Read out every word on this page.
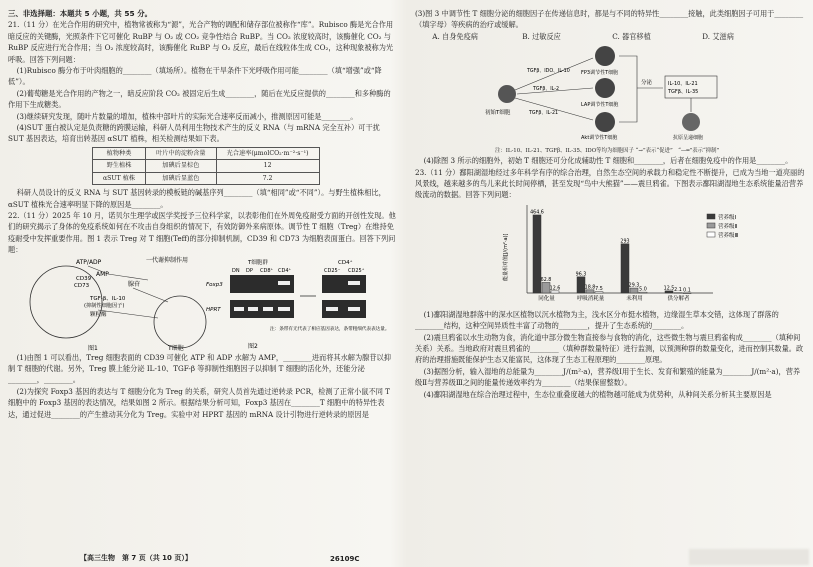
三、非选择题：本题共 5 小题，共 55 分。

21.（11 分）在光合作用的研究中，植物常被称为“源”，光合产物的调配和储存部位被称作“库”。Rubisco 酶是光合作用暗反应的关键酶，光照条件下它可催化 RuBP 与 O₂ 或 CO₂ 竞争性结合 RuBP。当 CO₂ 浓度较高时，该酶催化 CO₂ 与 RuBP 反应进行光合作用；当 O₂ 浓度较高时，该酶催化 RuBP 与 O₂ 反应，最后在线粒体生成 CO₂，这种现象被称为光呼吸。回答下列问题：

(1)Rubisco 酶分布于叶肉细胞的________（填场所）。植物在干旱条件下光呼吸作用可能________（填“增强”或“降低”）。

(2)葡萄糖是光合作用的产物之一，暗反应阶段 CO₂ 被固定后生成________，随后在光反应提供的________和多种酶的作用下生成糖类。

(3)继续研究发现，随叶片数量的增加，植株中部叶片的实际光合速率反而减小，推测原因可能是________。

(4)SUT 蛋白被认定是负责糖的跨膜运输，科研人员利用生物技术产生的反义 RNA（与 mRNA 完全互补）可干扰 SUT 基因表达，培育出转基因 αSUT 植株，相关检测结果如下表。

植物种类	叶片中的淀粉含量	光合速率(μmolCO₂·m⁻²·s⁻¹)
野生植株	加碘后显棕色	12
αSUT 植株	加碘后显蓝色	7.2

科研人员设计的反义 RNA 与 SUT 基因转录的模板链的碱基序列________（填“相同”或“不同”）。与野生植株相比，αSUT 植株光合速率明显下降的原因是________。

22.（11 分）2025 年 10 月，诺贝尔生理学或医学奖授予三位科学家，以表彰他们在外周免疫耐受方面的开创性发现。他们的研究揭示了身体的免疫系统如何在不攻击自身组织的情况下，有效防御外来病原体。调节性 T 细胞（Treg）在维持免疫耐受中发挥重要作用。图 1 表示 Treg 对 T 细胞(Teff)的部分抑制机制，CD39 和 CD73 为细胞表面蛋白。回答下列问题：

ATP/ADP
AMP
CD39
CD73	腺苷
TGF-β、IL-10
(抑制性细胞因子)
颗粒酶
T细胞
一代谢抑制作用
图1
T细胞群
DN DP CD8⁺ CD4⁺
Foxp3
HPRT
CD4⁺
CD25⁻ CD25⁺
注：条带有无代表了相应基因表达，条带粗细代表表达量。
图2

(1)由图 1 可以看出，Treg 细胞表面的 CD39 可催化 ATP 和 ADP 水解为 AMP，________进而将其水解为腺苷以抑制 T 细胞的代谢。另外，Treg 膜上能分泌 IL-10、TGF-β 等抑制性细胞因子以抑制 T 细胞的活化外，还能分泌________，________。

(2)为探究 Foxp3 基因的表达与 T 细胞分化为 Treg 的关系，研究人员首先通过逆转录 PCR，检测了正常小鼠不同 T 细胞中的 Foxp3 基因的表达情况，结果如图 2 所示。根据结果分析可知，Foxp3 基因在________T 细胞中的特异性表达，通过促进________的产生推动其分化为 Treg。实验中对 HPRT 基因的 mRNA 设计引物进行逆转录的原因是

【高三生物　第 7 页（共 10 页）】	26109C

(3)图 3 中调节性 T 细胞分泌的细胞因子在传递信息时，都是与不同的特异性________接触，此类细胞因子可用于________（填字母）等疾病的治疗或缓解。

A. 自身免疫病	B. 过敏反应	C. 器官移植	D. 艾滋病

初始T细胞
FP3调节性T细胞
LAP调节性T细胞
Akt调节性T细胞
TGFβ、IDO、IL-10
TGFβ、IL-2
TGFβ、IL-21
分泌	IL-10、IL-21
TGFβ、IL-35
抗原呈递细胞

注：IL-10、IL-21、TGFβ、IL-35、IDO等均为细胞因子 “→”表示“促进”　“—━”表示“抑制”

(4)除图 3 所示的细胞外，初始 T 细胞还可分化成辅助性 T 细胞和________，后者在细胞免疫中的作用是________。

23.（11 分）鄱阳湖湿地经过多年科学有序的综合治理，自然生态空间的承载力和稳定性不断提升，已成为当地一道亮丽的风景线，越来越多的鸟儿来此长时间停栖，甚至发现“鸟中大熊猫”——震旦鸦雀。下图表示鄱阳湖湿地生态系统能量沿营养级流动的数据。回答下列问题：

464.6
62.8
12.6
同化量
96.3
18.8 7.5
呼吸消耗量
293
29.3
5.0
未利用
12.5 2.1 0.1
供分解者
营养级Ⅰ
营养级Ⅱ
营养级Ⅲ
能量相对值[J/(m²·a)]

(1)鄱阳湖湿地群落中的深水区植物以沉水植物为主，浅水区分布挺水植物，边缘湿生草本交错，这体现了群落的________结构，这种空间异质性丰富了动物的________，提升了生态系统的________。

(2)震旦鸦雀以水生动物为食，消化道中部分微生物直接参与食物的消化，这些微生物与震旦鸦雀构成________（填种间关系）关系。当地政府对震旦鸦雀的________（填种群数量特征）进行监测，以预测种群的数量变化，进而控制其数量。政府的治理措施既能保护生态又能富民，这体现了生态工程原理的________原理。

(3)据图分析，输入湿地的总能量为________J/(m²·a)，营养级Ⅰ用于生长、发育和繁殖的能量为________J/(m²·a)，营养级Ⅱ与营养级Ⅲ之间的能量传递效率约为________（结果保留整数）。

(4)鄱阳湖湿地在综合治理过程中，生态位重叠度越大的植物越可能成为优势种，从种间关系分析其主要原因是
